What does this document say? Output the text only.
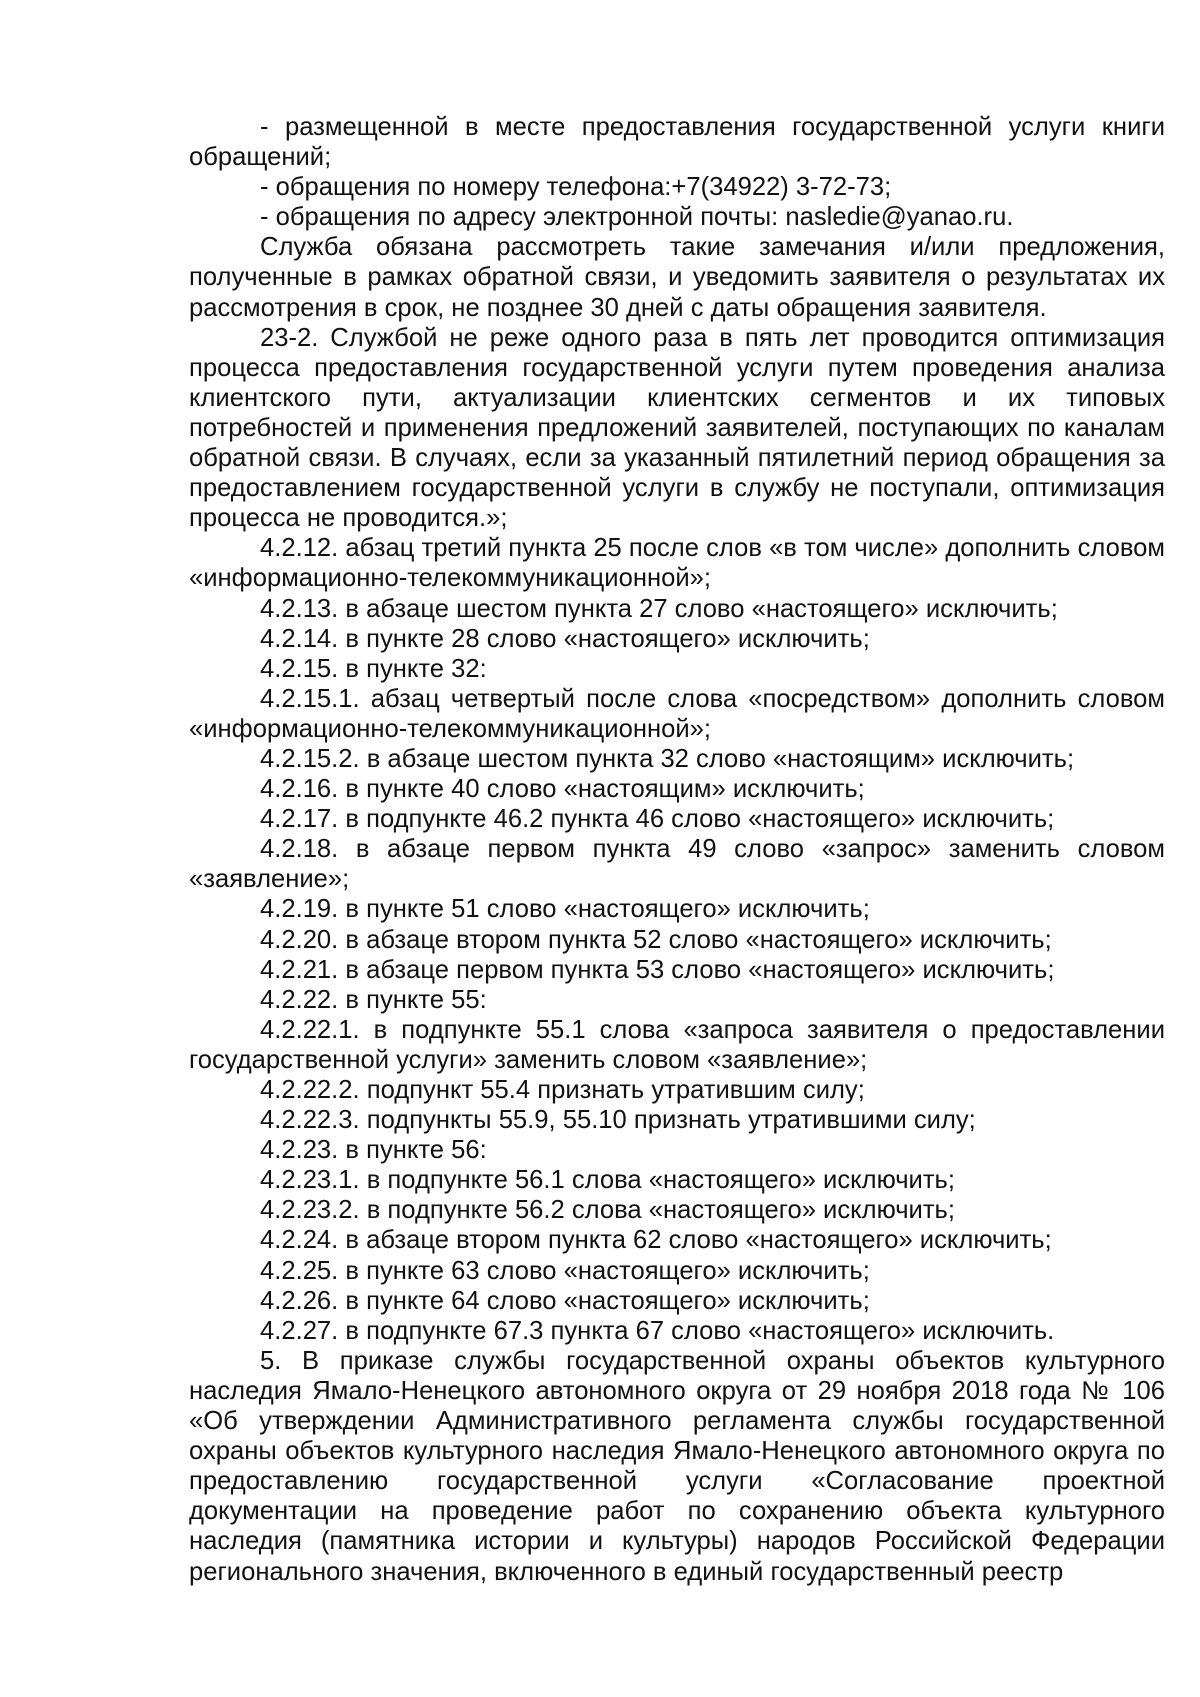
- размещенной в месте предоставления государственной услуги книги обращений;

- обращения по номеру телефона:+7(34922) 3-72-73;

- обращения по адресу электронной почты: nasledie@yanao.ru.

Служба обязана рассмотреть такие замечания и/или предложения, полученные в рамках обратной связи, и уведомить заявителя о результатах их рассмотрения в срок, не позднее 30 дней с даты обращения заявителя.

23-2. Службой не реже одного раза в пять лет проводится оптимизация процесса предоставления государственной услуги путем проведения анализа клиентского пути, актуализации клиентских сегментов и их типовых потребностей и применения предложений заявителей, поступающих по каналам обратной связи. В случаях, если за указанный пятилетний период обращения за предоставлением государственной услуги в службу не поступали, оптимизация процесса не проводится.»;

4.2.12. абзац третий пункта 25 после слов «в том числе» дополнить словом «информационно-телекоммуникационной»;

4.2.13. в абзаце шестом пункта 27 слово «настоящего» исключить;

4.2.14. в пункте 28 слово «настоящего» исключить;

4.2.15. в пункте 32:

4.2.15.1. абзац четвертый после слова «посредством» дополнить словом «информационно-телекоммуникационной»;

4.2.15.2. в абзаце шестом пункта 32 слово «настоящим» исключить;

4.2.16. в пункте 40 слово «настоящим» исключить;

4.2.17. в подпункте 46.2 пункта 46 слово «настоящего» исключить;

4.2.18. в абзаце первом пункта 49 слово «запрос» заменить словом «заявление»;

4.2.19. в пункте 51 слово «настоящего» исключить;

4.2.20. в абзаце втором пункта 52 слово «настоящего» исключить;

4.2.21. в абзаце первом пункта 53 слово «настоящего» исключить;

4.2.22. в пункте 55:

4.2.22.1. в подпункте 55.1 слова «запроса заявителя о предоставлении государственной услуги» заменить словом «заявление»;

4.2.22.2. подпункт 55.4 признать утратившим силу;

4.2.22.3. подпункты 55.9, 55.10 признать утратившими силу;

4.2.23. в пункте 56:

4.2.23.1. в подпункте 56.1 слова «настоящего» исключить;

4.2.23.2. в подпункте 56.2 слова «настоящего» исключить;

4.2.24. в абзаце втором пункта 62 слово «настоящего» исключить;

4.2.25. в пункте 63 слово «настоящего» исключить;

4.2.26. в пункте 64 слово «настоящего» исключить;

4.2.27. в подпункте 67.3 пункта 67 слово «настоящего» исключить.

5. В приказе службы государственной охраны объектов культурного наследия Ямало-Ненецкого автономного округа от 29 ноября 2018 года № 106 «Об утверждении Административного регламента службы государственной охраны объектов культурного наследия Ямало-Ненецкого автономного округа по предоставлению государственной услуги «Согласование проектной документации на проведение работ по сохранению объекта культурного наследия (памятника истории и культуры) народов Российской Федерации регионального значения, включенного в единый государственный реестр
